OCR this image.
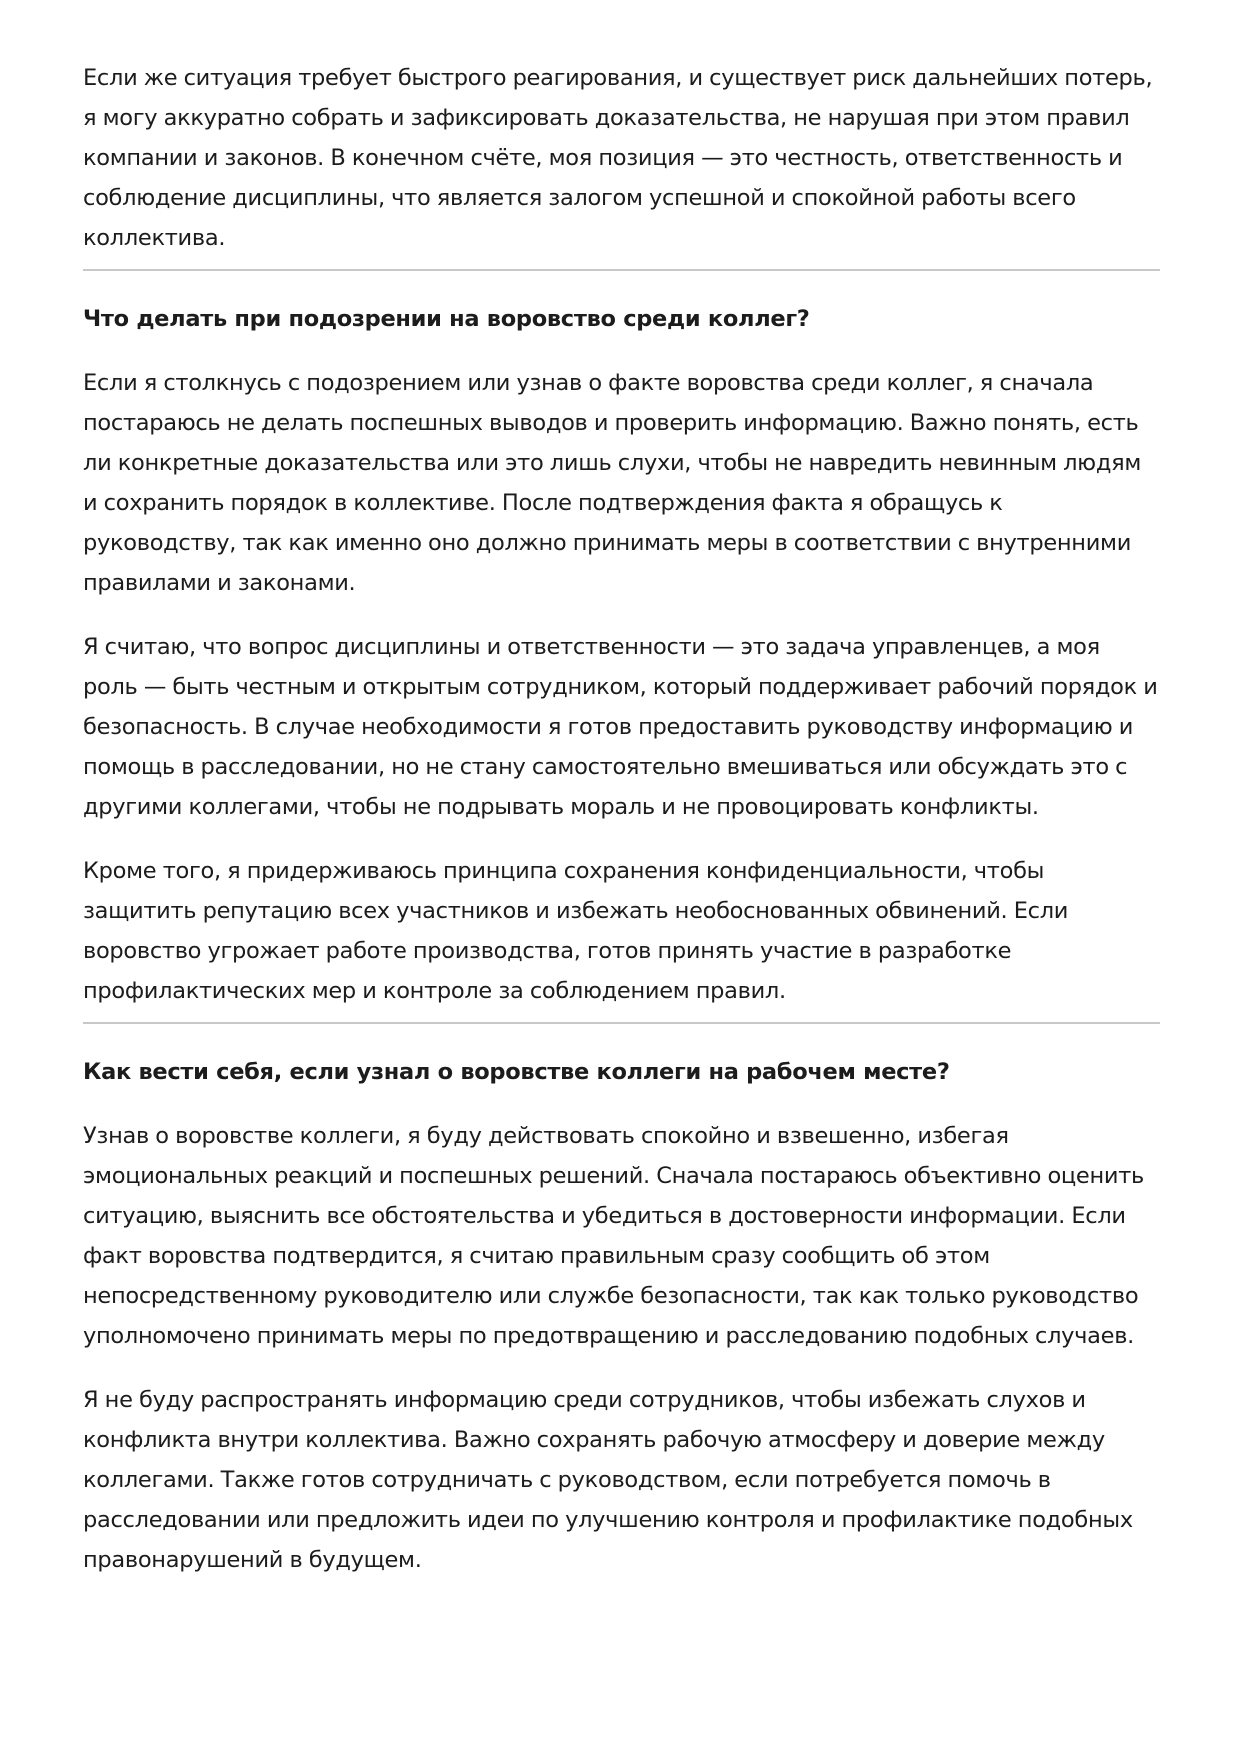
Если же ситуация требует быстрого реагирования, и существует риск дальнейших потерь, я могу аккуратно собрать и зафиксировать доказательства, не нарушая при этом правил компании и законов. В конечном счёте, моя позиция — это честность, ответственность и соблюдение дисциплины, что является залогом успешной и спокойной работы всего коллектива.

Что делать при подозрении на воровство среди коллег?

Если я столкнусь с подозрением или узнав о факте воровства среди коллег, я сначала постараюсь не делать поспешных выводов и проверить информацию. Важно понять, есть ли конкретные доказательства или это лишь слухи, чтобы не навредить невинным людям и сохранить порядок в коллективе. После подтверждения факта я обращусь к руководству, так как именно оно должно принимать меры в соответствии с внутренними правилами и законами.

Я считаю, что вопрос дисциплины и ответственности — это задача управленцев, а моя роль — быть честным и открытым сотрудником, который поддерживает рабочий порядок и безопасность. В случае необходимости я готов предоставить руководству информацию и помощь в расследовании, но не стану самостоятельно вмешиваться или обсуждать это с другими коллегами, чтобы не подрывать мораль и не провоцировать конфликты.

Кроме того, я придерживаюсь принципа сохранения конфиденциальности, чтобы защитить репутацию всех участников и избежать необоснованных обвинений. Если воровство угрожает работе производства, готов принять участие в разработке профилактических мер и контроле за соблюдением правил.

Как вести себя, если узнал о воровстве коллеги на рабочем месте?

Узнав о воровстве коллеги, я буду действовать спокойно и взвешенно, избегая эмоциональных реакций и поспешных решений. Сначала постараюсь объективно оценить ситуацию, выяснить все обстоятельства и убедиться в достоверности информации. Если факт воровства подтвердится, я считаю правильным сразу сообщить об этом непосредственному руководителю или службе безопасности, так как только руководство уполномочено принимать меры по предотвращению и расследованию подобных случаев.

Я не буду распространять информацию среди сотрудников, чтобы избежать слухов и конфликта внутри коллектива. Важно сохранять рабочую атмосферу и доверие между коллегами. Также готов сотрудничать с руководством, если потребуется помочь в расследовании или предложить идеи по улучшению контроля и профилактике подобных правонарушений в будущем.
